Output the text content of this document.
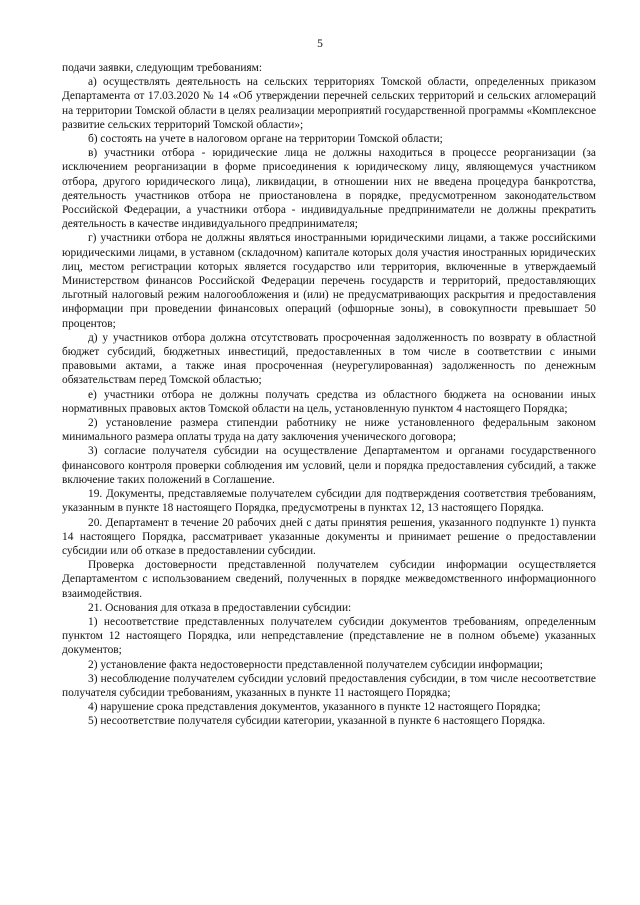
5

подачи заявки, следующим требованиям:

а) осуществлять деятельность на сельских территориях Томской области, определенных приказом Департамента от 17.03.2020 № 14 «Об утверждении перечней сельских территорий и сельских агломераций на территории Томской области в целях реализации мероприятий государственной программы «Комплексное развитие сельских территорий Томской области»;

б) состоять на учете в налоговом органе на территории Томской области;

в) участники отбора - юридические лица не должны находиться в процессе реорганизации (за исключением реорганизации в форме присоединения к юридическому лицу, являющемуся участником отбора, другого юридического лица), ликвидации, в отношении них не введена процедура банкротства, деятельность участников отбора не приостановлена в порядке, предусмотренном законодательством Российской Федерации, а участники отбора - индивидуальные предприниматели не должны прекратить деятельность в качестве индивидуального предпринимателя;

г) участники отбора не должны являться иностранными юридическими лицами, а также российскими юридическими лицами, в уставном (складочном) капитале которых доля участия иностранных юридических лиц, местом регистрации которых является государство или территория, включенные в утверждаемый Министерством финансов Российской Федерации перечень государств и территорий, предоставляющих льготный налоговый режим налогообложения и (или) не предусматривающих раскрытия и предоставления информации при проведении финансовых операций (офшорные зоны), в совокупности превышает 50 процентов;

д) у участников отбора должна отсутствовать просроченная задолженность по возврату в областной бюджет субсидий, бюджетных инвестиций, предоставленных в том числе в соответствии с иными правовыми актами, а также иная просроченная (неурегулированная) задолженность по денежным обязательствам перед Томской областью;

е) участники отбора не должны получать средства из областного бюджета на основании иных нормативных правовых актов Томской области на цель, установленную пунктом 4 настоящего Порядка;

2) установление размера стипендии работнику не ниже установленного федеральным законом минимального размера оплаты труда на дату заключения ученического договора;

3) согласие получателя субсидии на осуществление Департаментом и органами государственного финансового контроля проверки соблюдения им условий, цели и порядка предоставления субсидий, а также включение таких положений в Соглашение.

19. Документы, представляемые получателем субсидии для подтверждения соответствия требованиям, указанным в пункте 18 настоящего Порядка, предусмотрены в пунктах 12, 13 настоящего Порядка.

20. Департамент в течение 20 рабочих дней с даты принятия решения, указанного подпункте 1) пункта 14 настоящего Порядка, рассматривает указанные документы и принимает решение о предоставлении субсидии или об отказе в предоставлении субсидии.

Проверка достоверности представленной получателем субсидии информации осуществляется Департаментом с использованием сведений, полученных в порядке межведомственного информационного взаимодействия.

21. Основания для отказа в предоставлении субсидии:

1) несоответствие представленных получателем субсидии документов требованиям, определенным пунктом 12 настоящего Порядка, или непредставление (представление не в полном объеме) указанных документов;

2) установление факта недостоверности представленной получателем субсидии информации;

3) несоблюдение получателем субсидии условий предоставления субсидии, в том числе несоответствие получателя субсидии требованиям, указанных в пункте 11 настоящего Порядка;

4) нарушение срока представления документов, указанного в пункте 12 настоящего Порядка;

5) несоответствие получателя субсидии категории, указанной в пункте 6 настоящего Порядка.
